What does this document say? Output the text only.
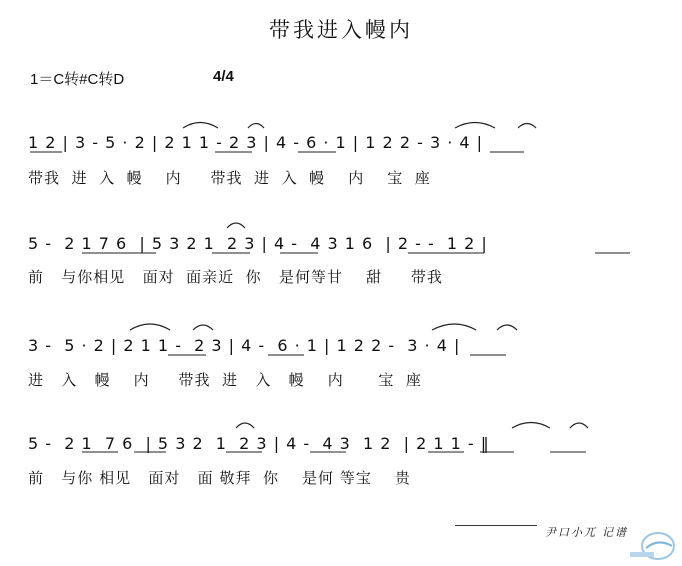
带我进入幔内
1＝C转#C转D	4/4
1 2 | 3 - 5 · 2 | 2 1 1 - 2 3 | 4 - 6 · 1 | 1 2 2 - 3 · 4 |
带我  进  入  幔    内     带我  进  入  幔    内    宝  座
5 -  2 1 7 6  | 5 3 2 1  2 3 | 4 -  4 3 1 6  | 2 - -  1 2 |
前   与你相见   面对  面亲近  你   是何等甘    甜     带我
3 -  5 · 2 | 2 1 1 -  2 3 | 4 -  6 · 1 | 1 2 2 -  3 · 4 |
进   入   幔    内     带我  进   入   幔    内      宝  座
5 -  2 1  7 6  | 5 3 2  1  2 3 | 4 -  4 3  1 2  | 2 1 1 - ‖
前   与你 相见   面对   面 敬拜  你    是何 等宝    贵
尹口小兀 记谱
